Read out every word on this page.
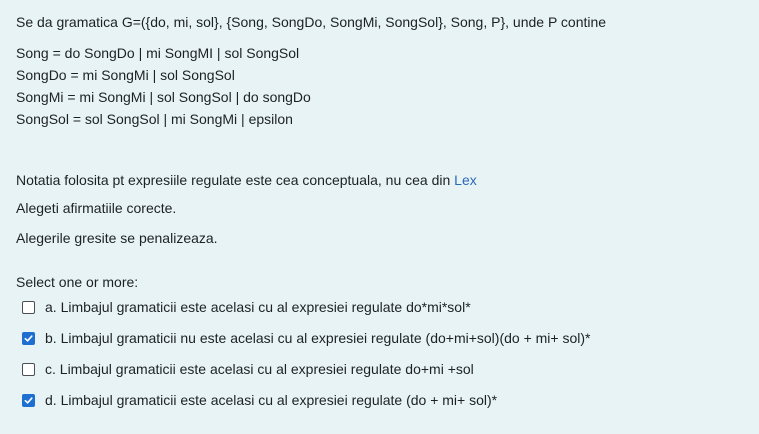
Se da gramatica G=({do, mi, sol}, {Song, SongDo, SongMi, SongSol}, Song, P}, unde P contine
Song = do SongDo | mi SongMI | sol SongSol
SongDo = mi SongMi | sol SongSol
SongMi = mi SongMi | sol SongSol | do songDo
SongSol = sol SongSol | mi SongMi | epsilon
Notatia folosita pt expresiile regulate este cea conceptuala, nu cea din Lex
Alegeti afirmatiile corecte.
Alegerile gresite se penalizeaza.
Select one or more:
a. Limbajul gramaticii este acelasi cu al expresiei regulate do*mi*sol*
b. Limbajul gramaticii nu este acelasi cu al expresiei regulate (do+mi+sol)(do + mi+ sol)*
c. Limbajul gramaticii este acelasi cu al expresiei regulate do+mi +sol
d. Limbajul gramaticii este acelasi cu al expresiei regulate (do + mi+ sol)*
